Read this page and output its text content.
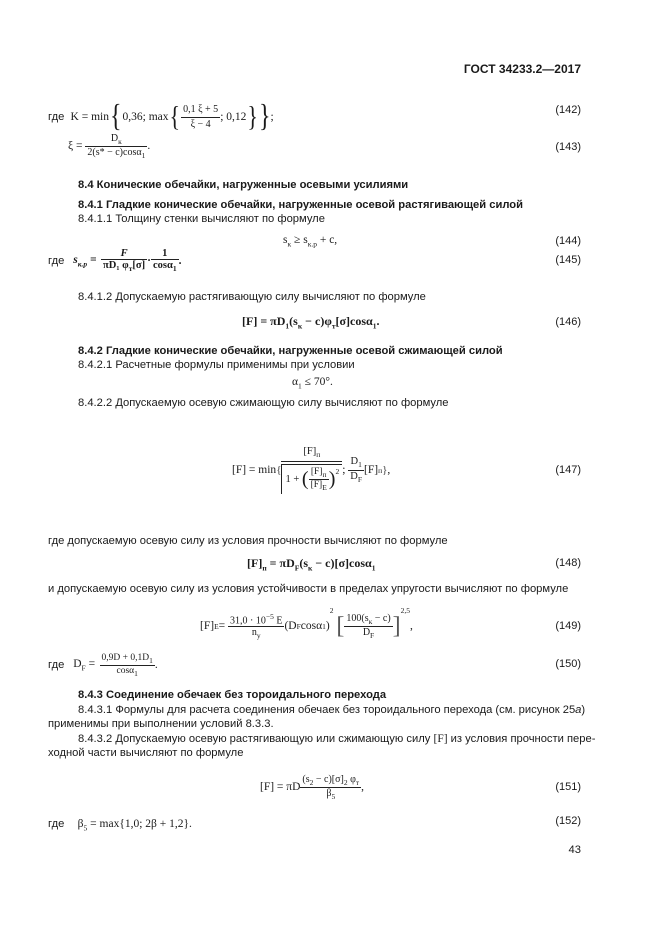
ГОСТ 34233.2—2017
где
K = min { 0,36; max { $\frac{0,1 \xi + 5}{\xi - 4}$ ; 0,12 } } ;
(142)
ξ =
$\frac{D_к}{2(s* - c)\cos\alpha_1}$ .	(143)
8.4 Конические обечайки, нагруженные осевыми усилиями
8.4.1 Гладкие конические обечайки, нагруженные осевой растягивающей силой
8.4.1.1 Толщину стенки вычисляют по формуле
$s_к \ge s_{к.р} + c$,	(144)
где
$s_{к.р}$ =
$\frac{F}{\pi D_1 \varphi_т[\sigma]} \cdot \frac{1}{\cos\alpha_1}$ .	(145)
8.4.1.2 Допускаемую растягивающую силу вычисляют по формуле
$[F] = \pi D_1(s_к - c)\varphi_т[\sigma]\cos\alpha_1$.	(146)
8.4.2 Гладкие конические обечайки, нагруженные осевой сжимающей силой
8.4.2.1 Расчетные формулы применимы при условии
$\alpha_1 \le 70^\circ$.
8.4.2.2 Допускаемую осевую сжимающую силу вычисляют по формуле
[F] = min {
$[F]_п$
1 +
( $\frac{[F]_п}{[F]_E} )^2$ ;
$\frac{D_1}{D_F} [F]$ п } ,	(147)
где допускаемую осевую силу из условия прочности вычисляют по формуле
$[F]_п = \pi D_F(s_к - c)[\sigma]\cos\alpha_1$	(148)
и допускаемую осевую силу из условия устойчивости в пределах упругости вычисляют по формуле
[F] E =
$\frac{31,0 \cdot 10^{-5} E}{n_y} (D$ F cosα 1 )
2

[ $\frac{100(s_к - c)}{D_F}$ ]
$^{2,5}$
,	(149)
где
$D_F$ =
$\frac{0,9D + 0,1D_1}{\cos\alpha_1}$ .	(150)
8.4.3 Соединение обечаек без тороидального перехода
8.4.3.1 Формулы для расчета соединения обечаек без тороидального перехода (см. рисунок 25а)
применимы при выполнении условий 8.3.3.
8.4.3.2 Допускаемую осевую растягивающую или сжимающую силу [F] из условия прочности пере-
ходной части вычисляют по формуле
[F] = πD $\frac{(s_2 - c)[\sigma]_2 \varphi_т}{\beta_5}$ ,	(151)
где $\beta_5 = \max\{1,0$; 2β + 1,2}.	(152)
43
